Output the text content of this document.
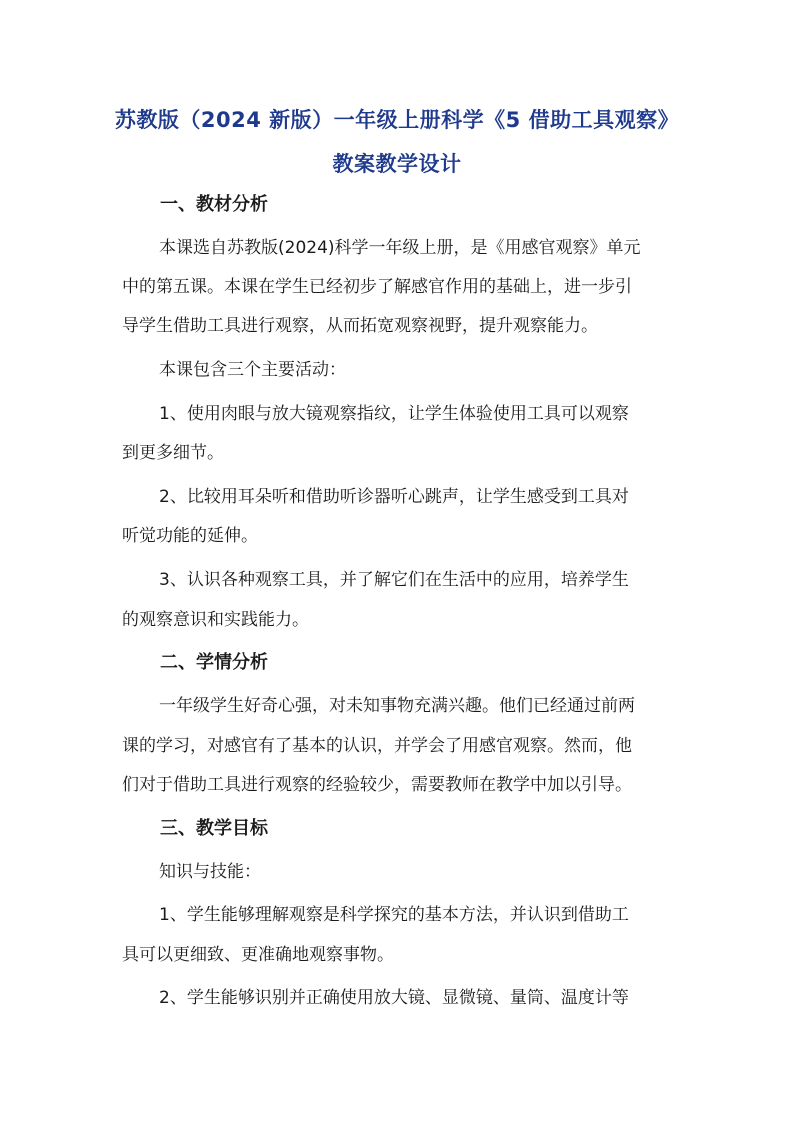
苏教版（2024 新版）一年级上册科学《5 借助工具观察》
教案教学设计
一、教材分析
本课选自苏教版(2024)科学一年级上册，是《用感官观察》单元
中的第五课。本课在学生已经初步了解感官作用的基础上，进一步引
导学生借助工具进行观察，从而拓宽观察视野，提升观察能力。
本课包含三个主要活动：
1、使用肉眼与放大镜观察指纹，让学生体验使用工具可以观察
到更多细节。
2、比较用耳朵听和借助听诊器听心跳声，让学生感受到工具对
听觉功能的延伸。
3、认识各种观察工具，并了解它们在生活中的应用，培养学生
的观察意识和实践能力。
二、学情分析
一年级学生好奇心强，对未知事物充满兴趣。他们已经通过前两
课的学习，对感官有了基本的认识，并学会了用感官观察。然而，他
们对于借助工具进行观察的经验较少，需要教师在教学中加以引导。
三、教学目标
知识与技能：
1、学生能够理解观察是科学探究的基本方法，并认识到借助工
具可以更细致、更准确地观察事物。
2、学生能够识别并正确使用放大镜、显微镜、量筒、温度计等
